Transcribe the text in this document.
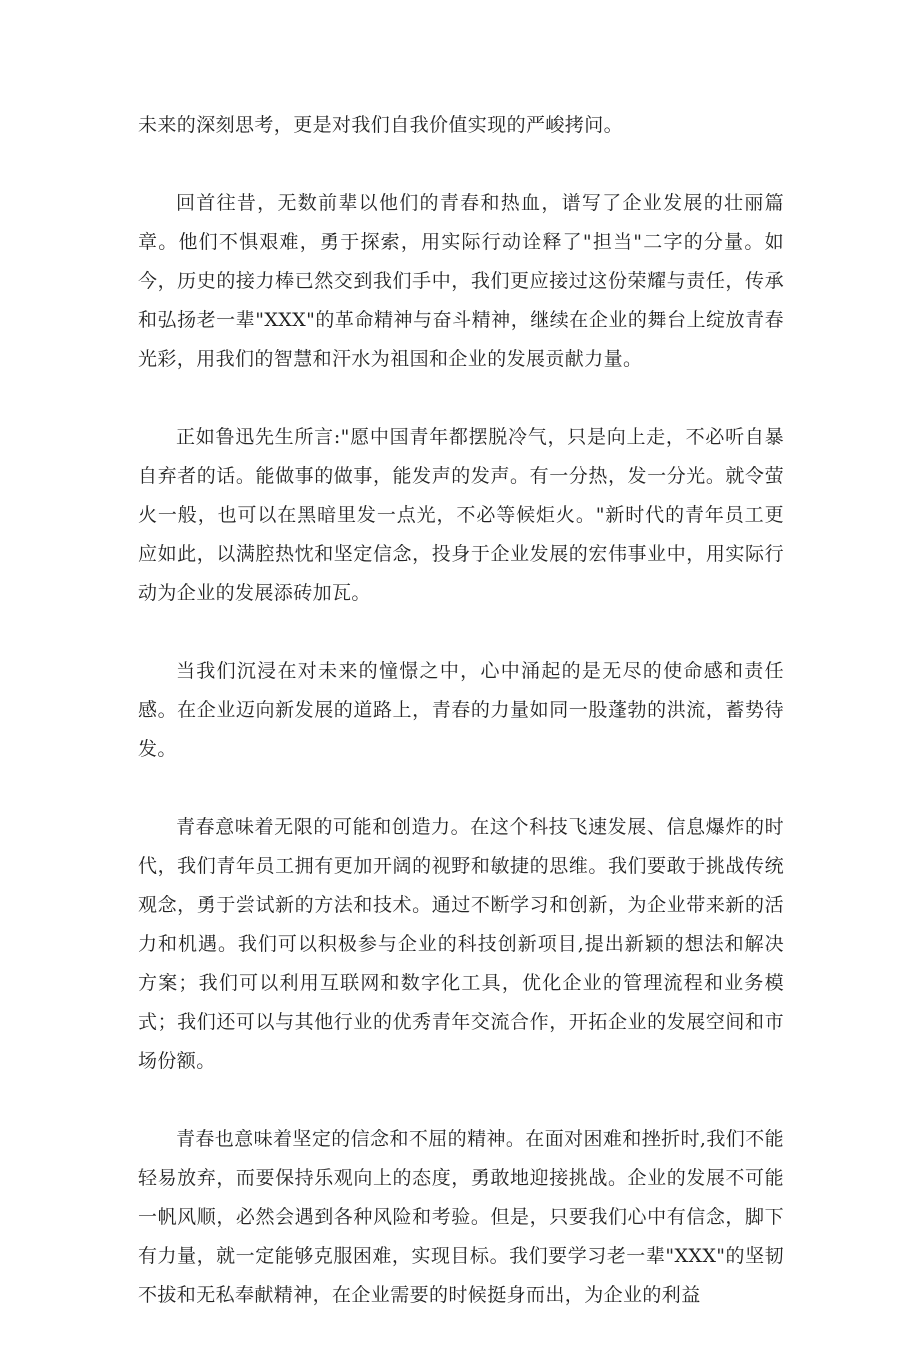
未来的深刻思考，更是对我们自我价值实现的严峻拷问。

回首往昔，无数前辈以他们的青春和热血，谱写了企业发展的壮丽篇章。他们不惧艰难，勇于探索，用实际行动诠释了"担当"二字的分量。如今，历史的接力棒已然交到我们手中，我们更应接过这份荣耀与责任，传承和弘扬老一辈"XXX"的革命精神与奋斗精神，继续在企业的舞台上绽放青春光彩，用我们的智慧和汗水为祖国和企业的发展贡献力量。

正如鲁迅先生所言:"愿中国青年都摆脱冷气，只是向上走，不必听自暴自弃者的话。能做事的做事，能发声的发声。有一分热，发一分光。就令萤火一般，也可以在黑暗里发一点光，不必等候炬火。"新时代的青年员工更应如此，以满腔热忱和坚定信念，投身于企业发展的宏伟事业中，用实际行动为企业的发展添砖加瓦。

当我们沉浸在对未来的憧憬之中，心中涌起的是无尽的使命感和责任感。在企业迈向新发展的道路上，青春的力量如同一股蓬勃的洪流，蓄势待发。

青春意味着无限的可能和创造力。在这个科技飞速发展、信息爆炸的时代，我们青年员工拥有更加开阔的视野和敏捷的思维。我们要敢于挑战传统观念，勇于尝试新的方法和技术。通过不断学习和创新，为企业带来新的活力和机遇。我们可以积极参与企业的科技创新项目,提出新颖的想法和解决方案；我们可以利用互联网和数字化工具，优化企业的管理流程和业务模式；我们还可以与其他行业的优秀青年交流合作，开拓企业的发展空间和市场份额。

青春也意味着坚定的信念和不屈的精神。在面对困难和挫折时,我们不能轻易放弃，而要保持乐观向上的态度，勇敢地迎接挑战。企业的发展不可能一帆风顺，必然会遇到各种风险和考验。但是，只要我们心中有信念，脚下有力量，就一定能够克服困难，实现目标。我们要学习老一辈"XXX"的坚韧不拔和无私奉献精神，在企业需要的时候挺身而出，为企业的利益
